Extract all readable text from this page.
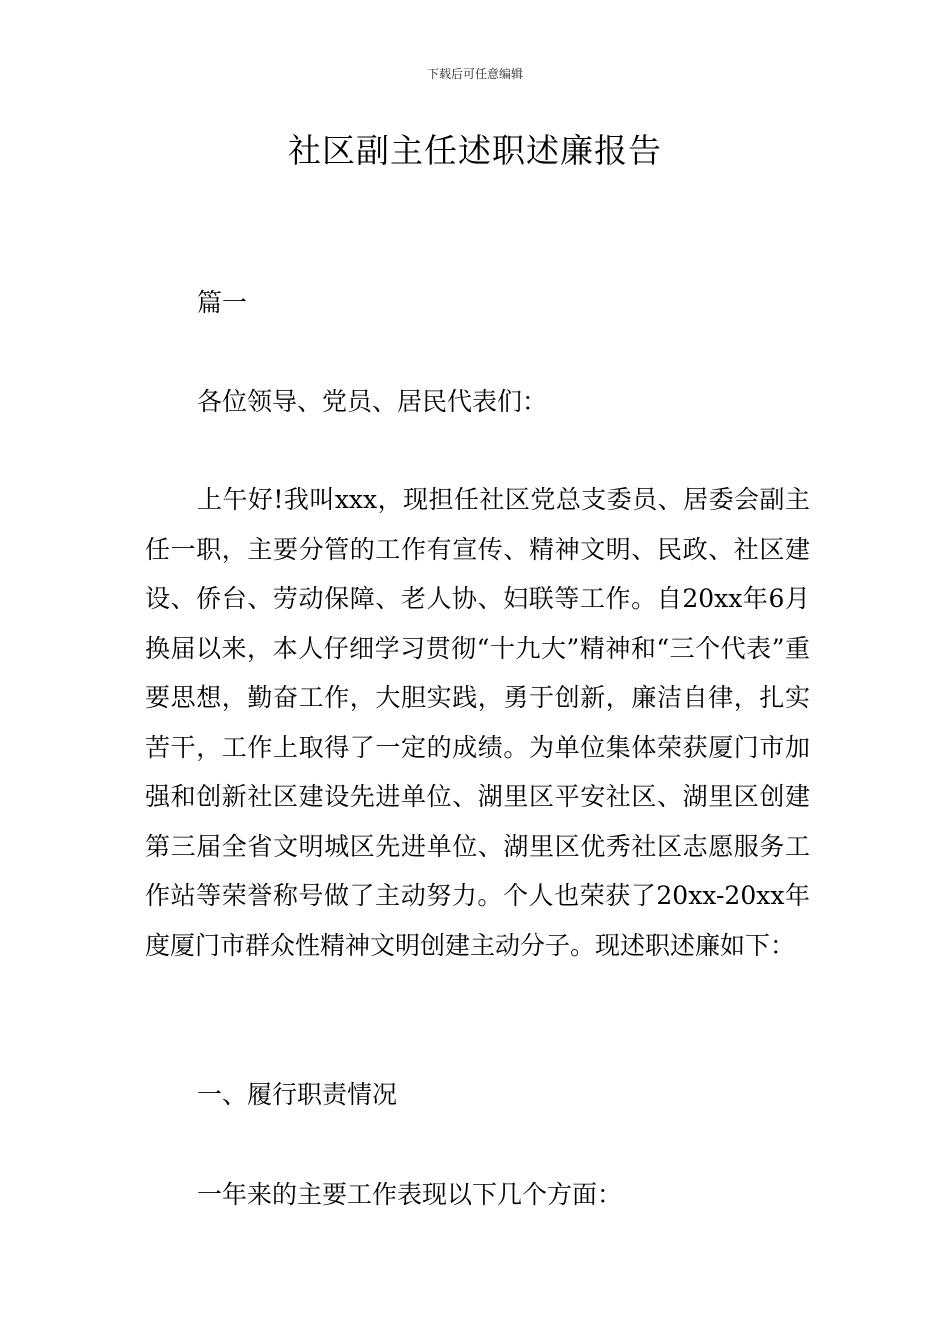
下载后可任意编辑
社区副主任述职述廉报告

篇一

各位领导、党员、居民代表们：

上午好!我叫xxx，现担任社区党总支委员、居委会副主任一职，主要分管的工作有宣传、精神文明、民政、社区建设、侨台、劳动保障、老人协、妇联等工作。自20xx年6月换届以来，本人仔细学习贯彻“十九大”精神和“三个代表”重要思想，勤奋工作，大胆实践，勇于创新，廉洁自律，扎实苦干，工作上取得了一定的成绩。为单位集体荣获厦门市加强和创新社区建设先进单位、湖里区平安社区、湖里区创建第三届全省文明城区先进单位、湖里区优秀社区志愿服务工作站等荣誉称号做了主动努力。个人也荣获了20xx-20xx年度厦门市群众性精神文明创建主动分子。现述职述廉如下：

一、履行职责情况

一年来的主要工作表现以下几个方面：
